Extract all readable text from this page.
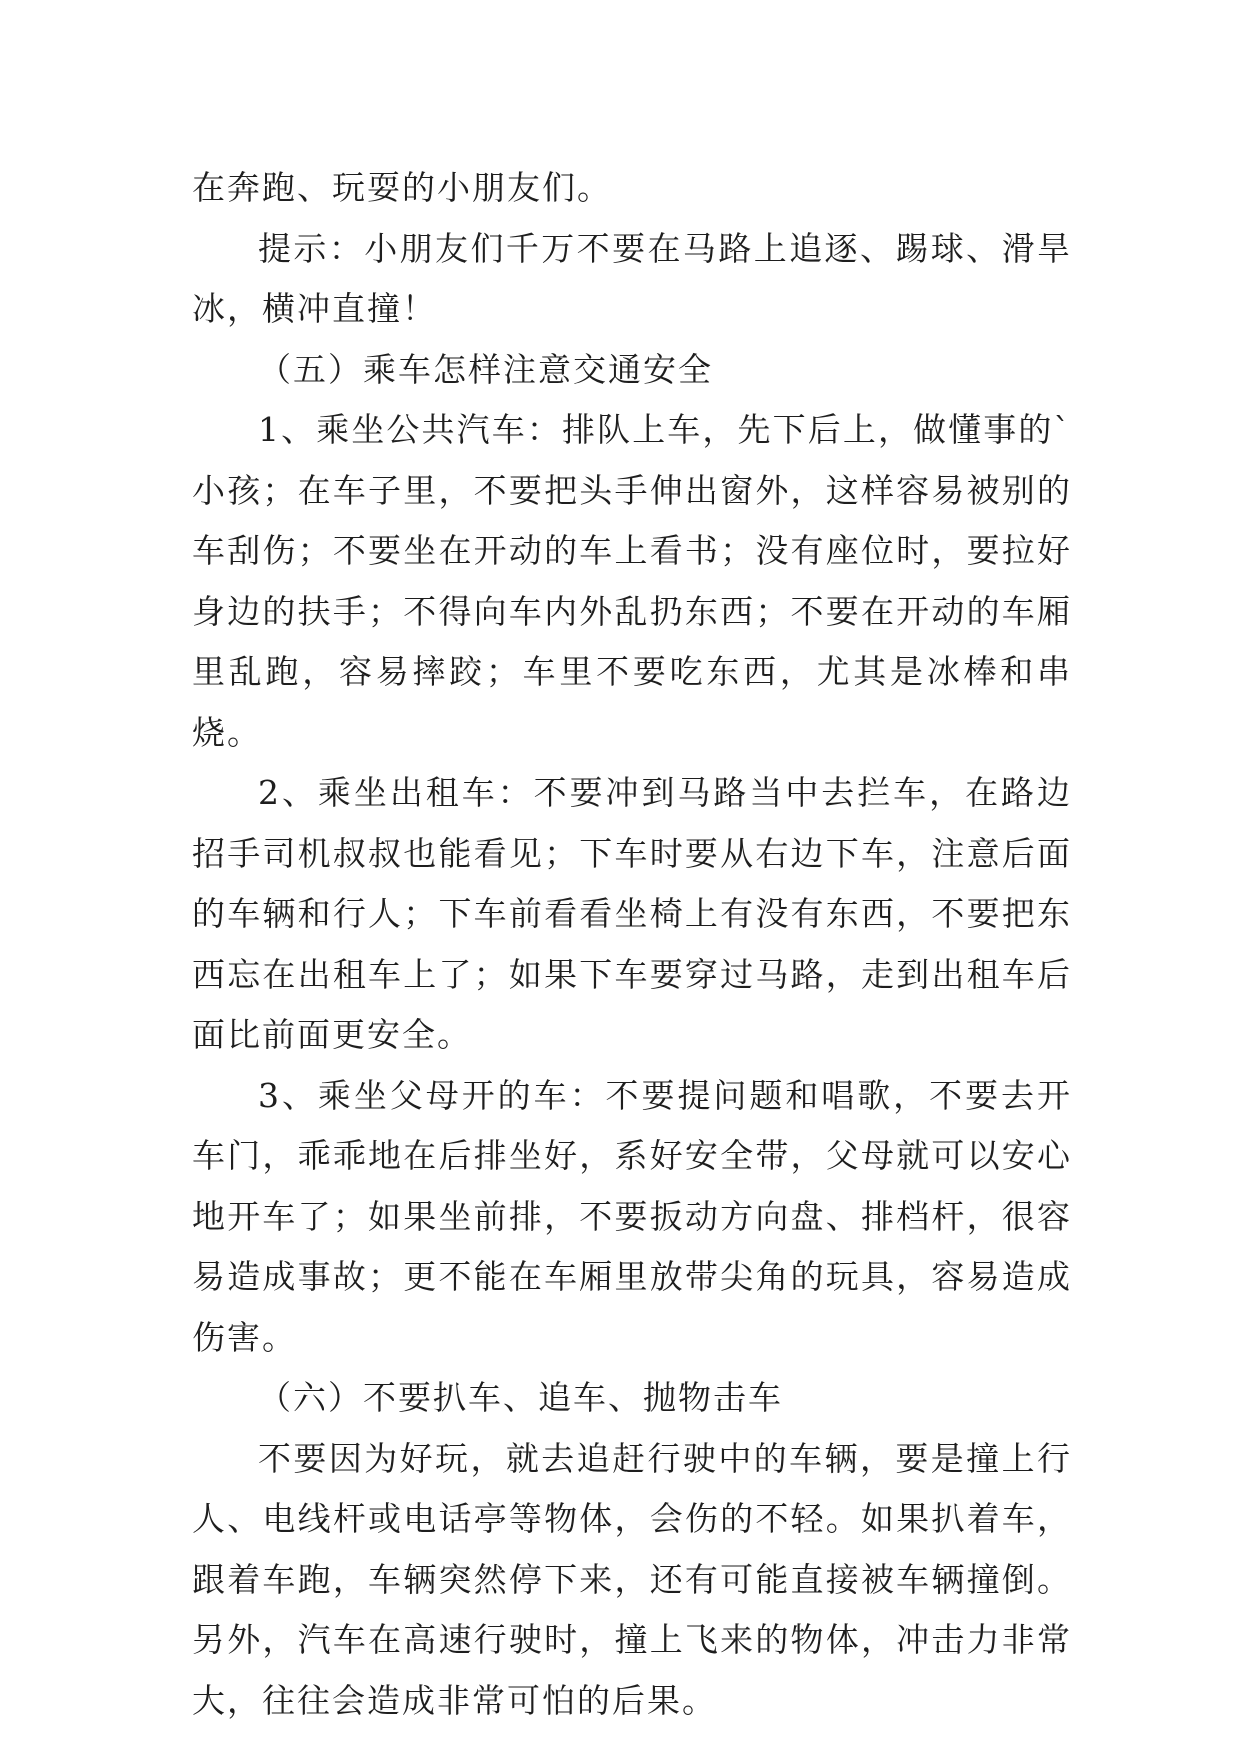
在奔跑、玩耍的小朋友们。

提示：小朋友们千万不要在马路上追逐、踢球、滑旱冰，横冲直撞！

（五）乘车怎样注意交通安全

1、乘坐公共汽车：排队上车，先下后上，做懂事的`小孩；在车子里，不要把头手伸出窗外，这样容易被别的车刮伤；不要坐在开动的车上看书；没有座位时，要拉好身边的扶手；不得向车内外乱扔东西；不要在开动的车厢里乱跑，容易摔跤；车里不要吃东西，尤其是冰棒和串烧。

2、乘坐出租车：不要冲到马路当中去拦车，在路边招手司机叔叔也能看见；下车时要从右边下车，注意后面的车辆和行人；下车前看看坐椅上有没有东西，不要把东西忘在出租车上了；如果下车要穿过马路，走到出租车后面比前面更安全。

3、乘坐父母开的车：不要提问题和唱歌，不要去开车门，乖乖地在后排坐好，系好安全带，父母就可以安心地开车了；如果坐前排，不要扳动方向盘、排档杆，很容易造成事故；更不能在车厢里放带尖角的玩具，容易造成伤害。

（六）不要扒车、追车、抛物击车

不要因为好玩，就去追赶行驶中的车辆，要是撞上行人、电线杆或电话亭等物体，会伤的不轻。如果扒着车，跟着车跑，车辆突然停下来，还有可能直接被车辆撞倒。另外，汽车在高速行驶时，撞上飞来的物体，冲击力非常大，往往会造成非常可怕的后果。
